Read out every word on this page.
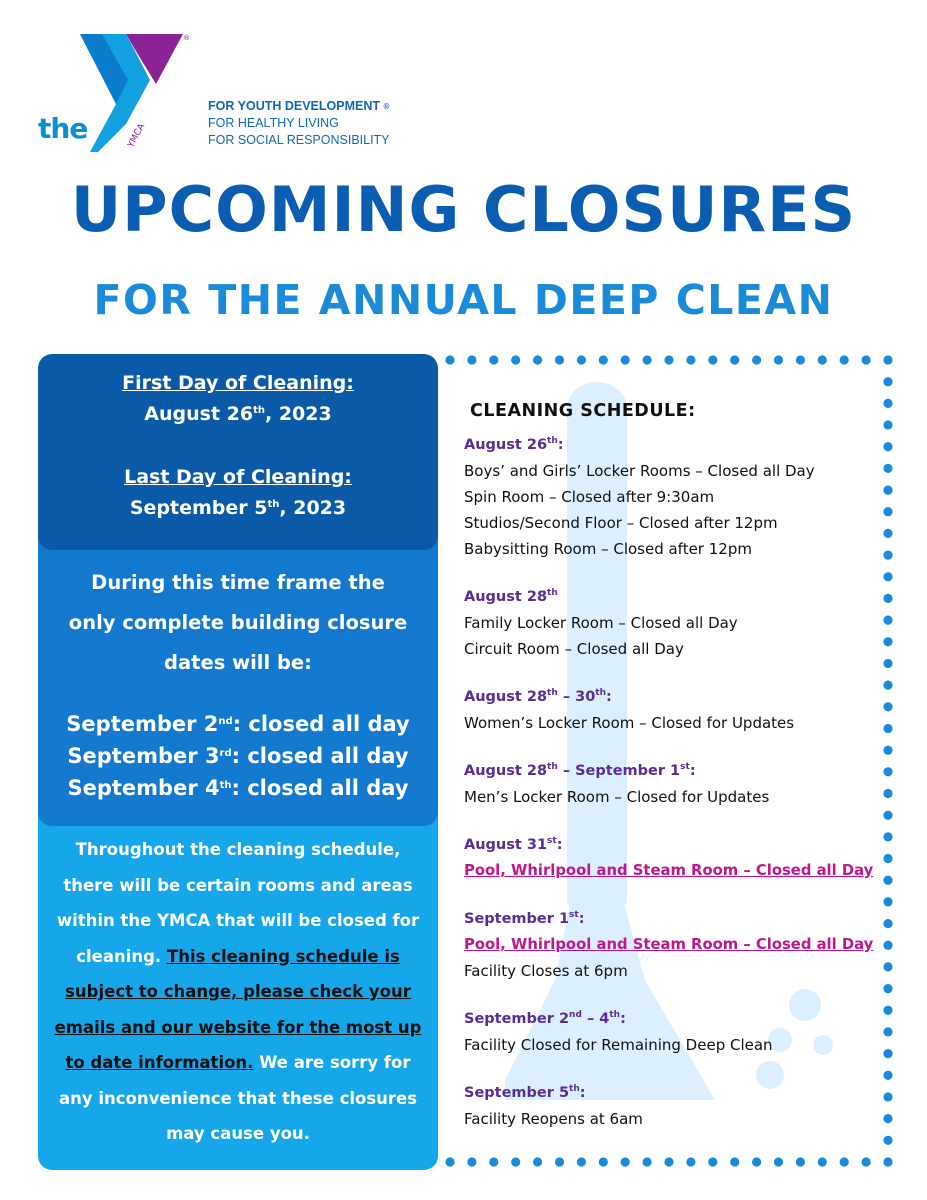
YMCA
®
the
FOR YOUTH DEVELOPMENT ®
FOR HEALTHY LIVING
FOR SOCIAL RESPONSIBILITY
UPCOMING CLOSURES
FOR THE ANNUAL DEEP CLEAN
Throughout the cleaning schedule, there will be certain rooms and areas within the YMCA that will be closed for cleaning. This cleaning schedule is subject to change, please check your emails and our website for the most up to date information. We are sorry for any inconvenience that these closures may cause you.
During this time frame the only complete building closure dates will be:
September 2nd: closed all day
September 3rd: closed all day
September 4th: closed all day
First Day of Cleaning:
August 26th, 2023
Last Day of Cleaning:
September 5th, 2023
CLEANING SCHEDULE:
August 26th:
Boys’ and Girls’ Locker Rooms – Closed all Day
Spin Room – Closed after 9:30am
Studios/Second Floor – Closed after 12pm
Babysitting Room – Closed after 12pm
August 28th
Family Locker Room – Closed all Day
Circuit Room – Closed all Day
August 28th – 30th:
Women’s Locker Room – Closed for Updates
August 28th – September 1st:
Men’s Locker Room – Closed for Updates
August 31st:
Pool, Whirlpool and Steam Room – Closed all Day
September 1st:
Pool, Whirlpool and Steam Room – Closed all Day
Facility Closes at 6pm
September 2nd – 4th:
Facility Closed for Remaining Deep Clean
September 5th:
Facility Reopens at 6am
